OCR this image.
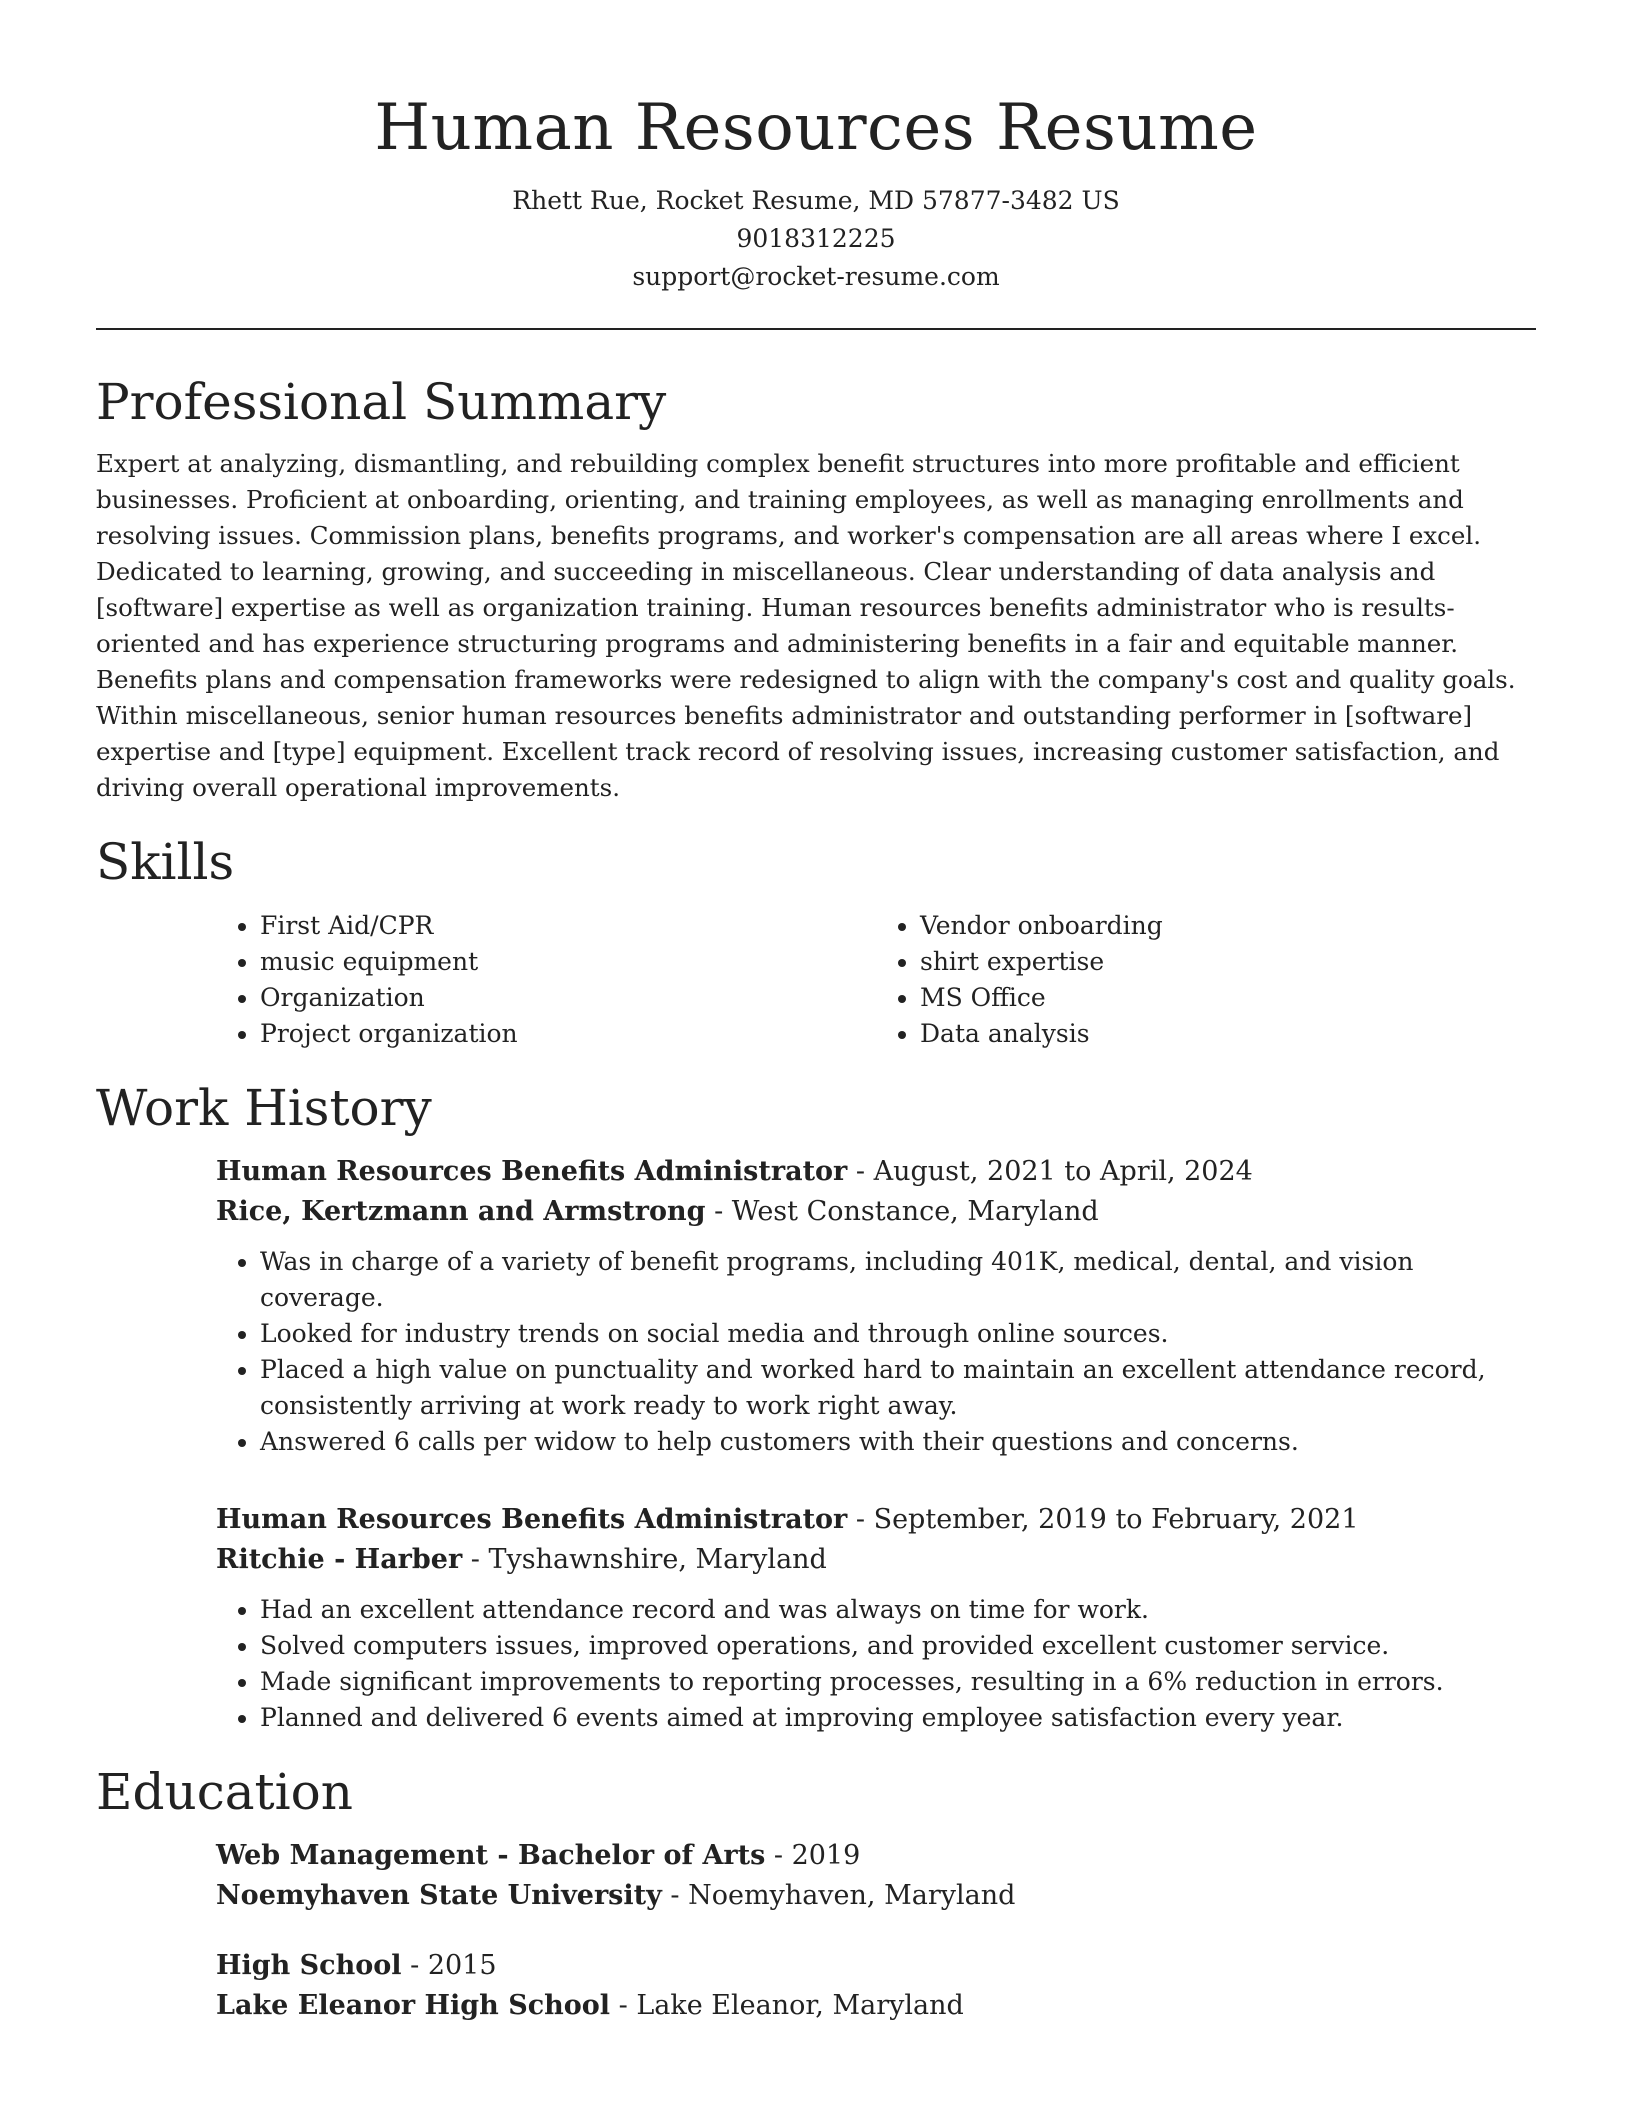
Human Resources Resume

Rhett Rue, Rocket Resume, MD 57877-3482 US

9018312225

support@rocket-resume.com

Professional Summary

Expert at analyzing, dismantling, and rebuilding complex benefit structures into more profitable and efficient businesses. Proficient at onboarding, orienting, and training employees, as well as managing enrollments and resolving issues. Commission plans, benefits programs, and worker's compensation are all areas where I excel. Dedicated to learning, growing, and succeeding in miscellaneous. Clear understanding of data analysis and [software] expertise as well as organization training. Human resources benefits administrator who is results-oriented and has experience structuring programs and administering benefits in a fair and equitable manner. Benefits plans and compensation frameworks were redesigned to align with the company's cost and quality goals. Within miscellaneous, senior human resources benefits administrator and outstanding performer in [software] expertise and [type] equipment. Excellent track record of resolving issues, increasing customer satisfaction, and driving overall operational improvements.

Skills
• First Aid/CPR
• music equipment
• Organization
• Project organization
• Vendor onboarding
• shirt expertise
• MS Office
• Data analysis
Work History

Human Resources Benefits Administrator - August, 2021 to April, 2024

Rice, Kertzmann and Armstrong - West Constance, Maryland

• Was in charge of a variety of benefit programs, including 401K, medical, dental, and vision coverage.
• Looked for industry trends on social media and through online sources.
• Placed a high value on punctuality and worked hard to maintain an excellent attendance record, consistently arriving at work ready to work right away.
• Answered 6 calls per widow to help customers with their questions and concerns.

Human Resources Benefits Administrator - September, 2019 to February, 2021

Ritchie - Harber - Tyshawnshire, Maryland

• Had an excellent attendance record and was always on time for work.
• Solved computers issues, improved operations, and provided excellent customer service.
• Made significant improvements to reporting processes, resulting in a 6% reduction in errors.
• Planned and delivered 6 events aimed at improving employee satisfaction every year.
Education

Web Management - Bachelor of Arts - 2019

Noemyhaven State University - Noemyhaven, Maryland

High School - 2015

Lake Eleanor High School - Lake Eleanor, Maryland
